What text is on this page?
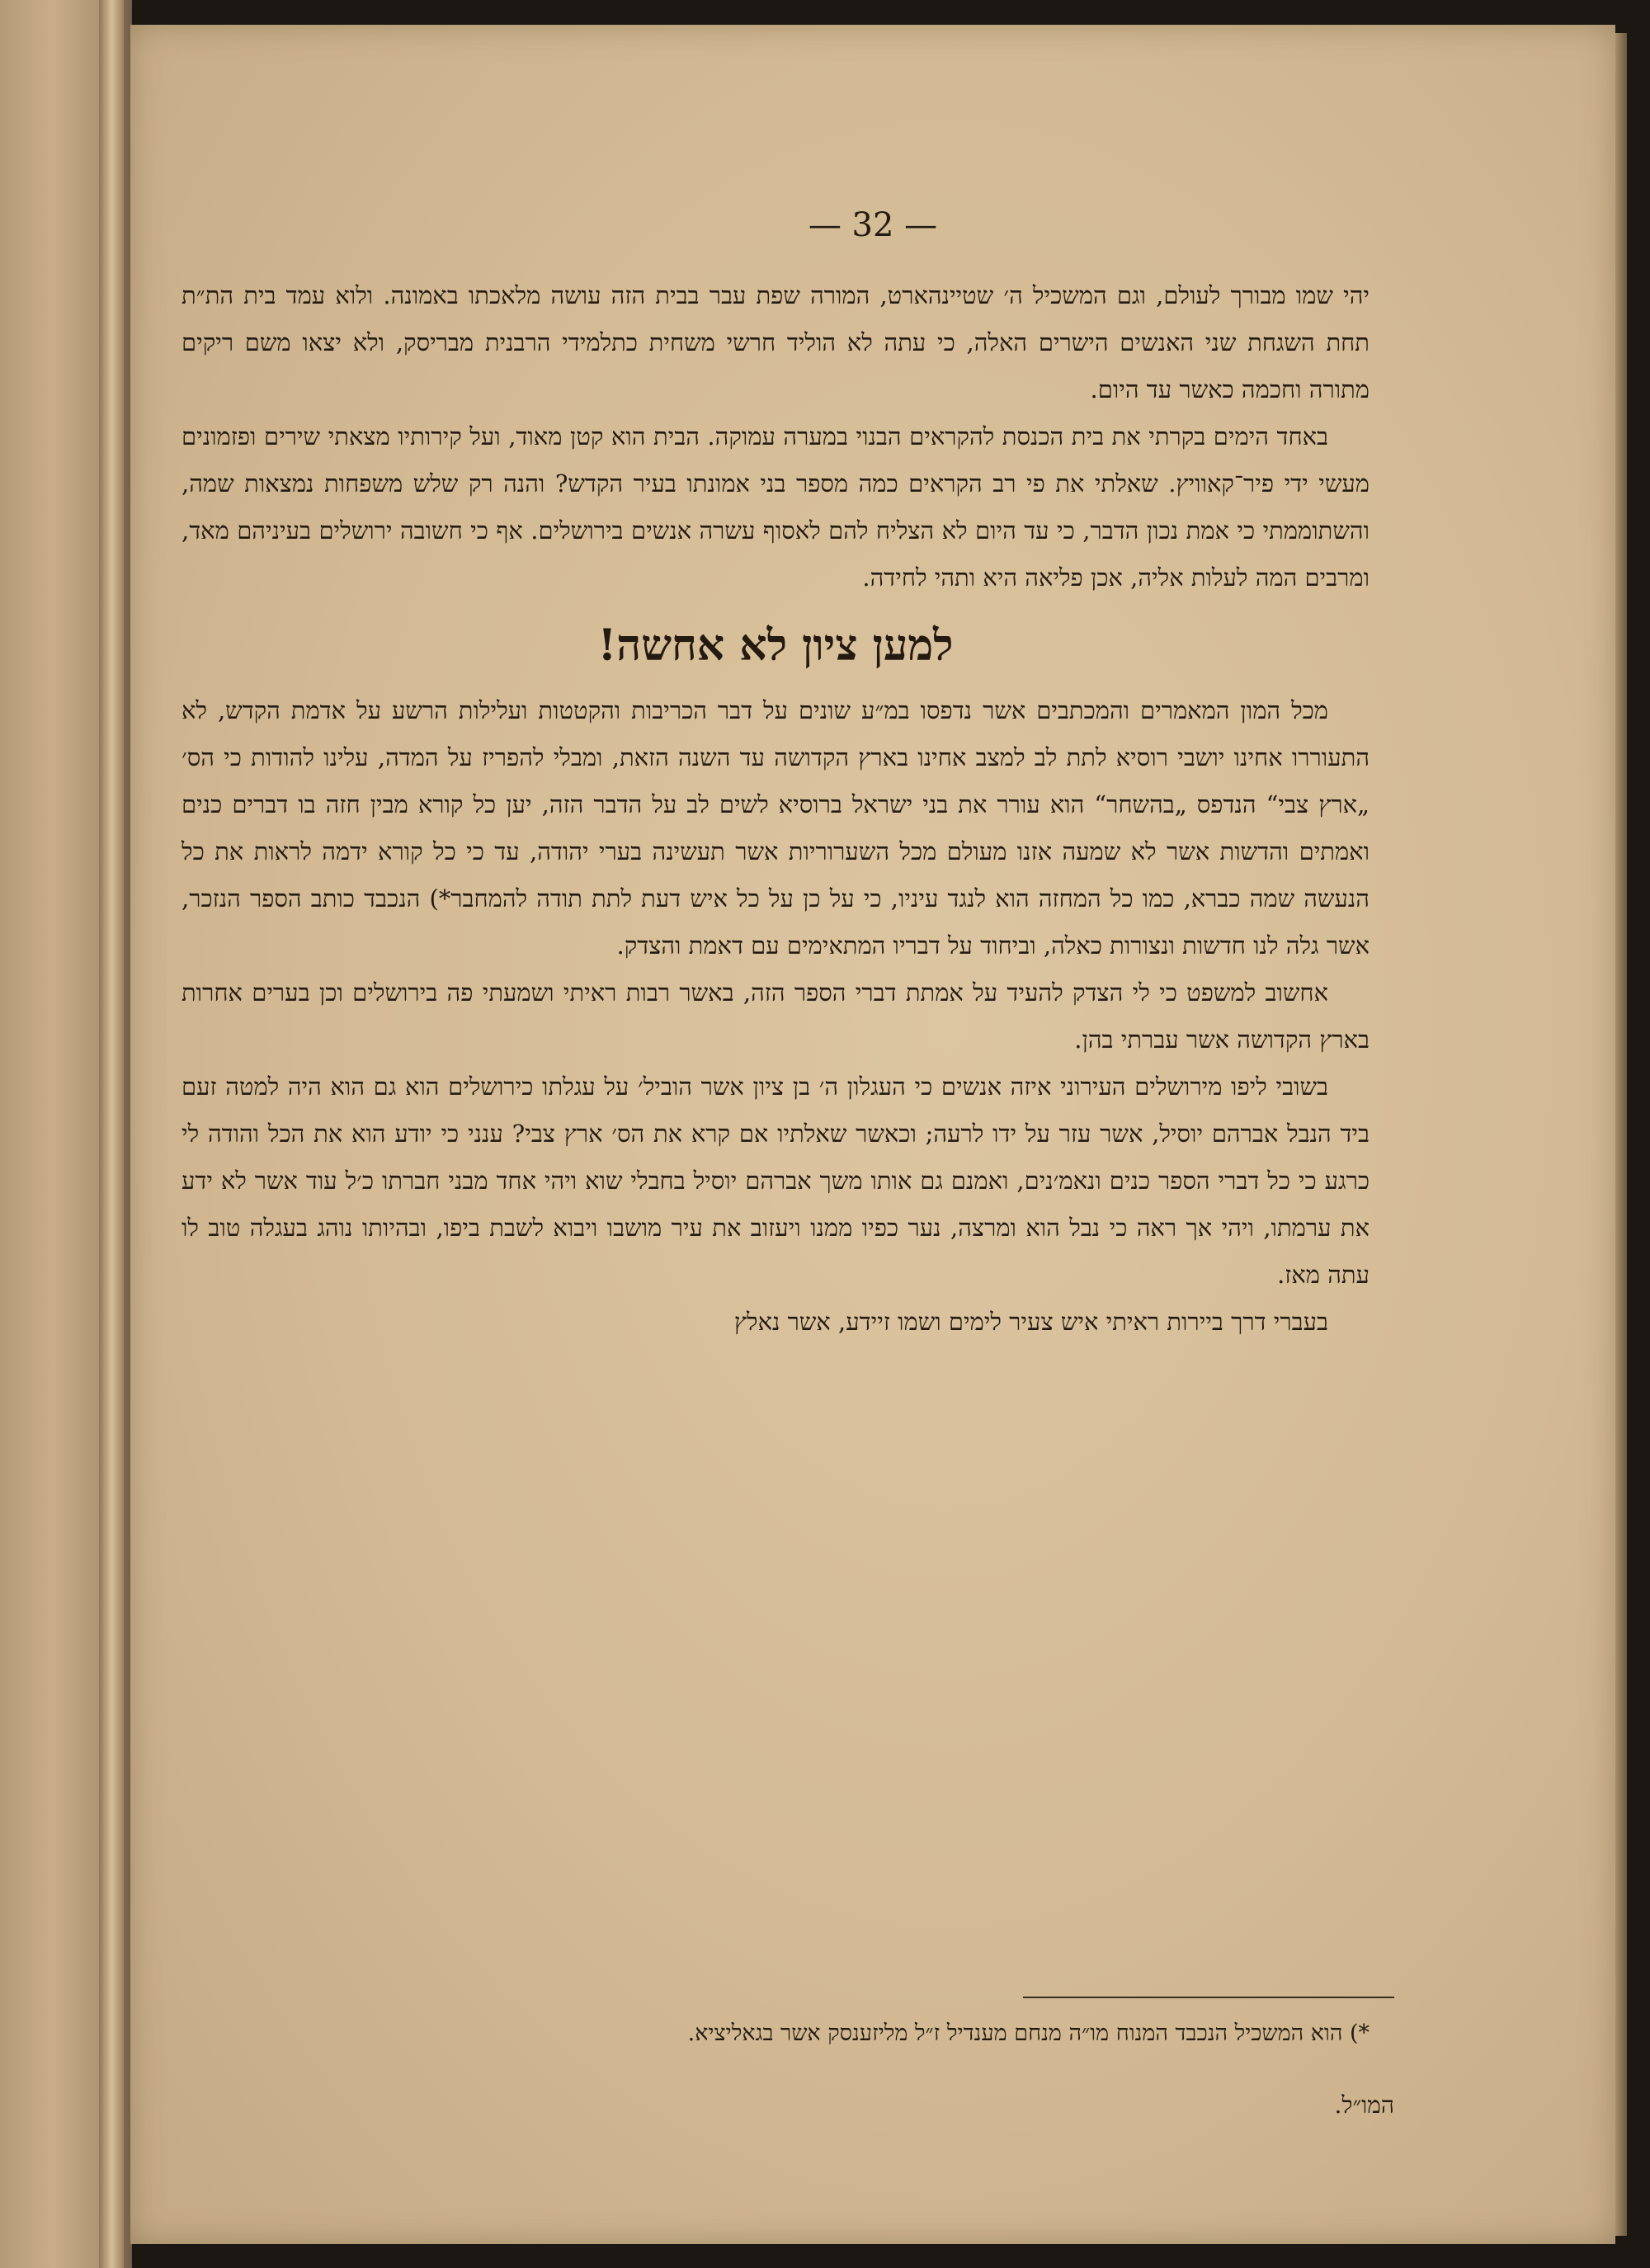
— 32 —

יהי שמו מבורך לעולם, וגם המשכיל ה׳ שטיינהארט, המורה שפת עבר בבית הזה עושה מלאכתו באמונה. ולוא עמד בית הת״ת תחת השגחת שני האנשים הישרים האלה, כי עתה לא הוליד חרשי משחית כתלמידי הרבנית מבריסק, ולא יצאו משם ריקים מתורה וחכמה כאשר עד היום.

באחד הימים בקרתי את בית הכנסת להקראים הבנוי במערה עמוקה. הבית הוא קטן מאוד, ועל קירותיו מצאתי שירים ופזמונים מעשי ידי פיר־קאוויץ. שאלתי את פי רב הקראים כמה מספר בני אמונתו בעיר הקדש? והנה רק שלש משפחות נמצאות שמה, והשתוממתי כי אמת נכון הדבר, כי עד היום לא הצליח להם לאסוף עשרה אנשים בירושלים. אף כי חשובה ירושלים בעיניהם מאד, ומרבים המה לעלות אליה, אכן פליאה היא ותהי לחידה.

למען ציון לא אחשה!

מכל המון המאמרים והמכתבים אשר נדפסו במ״ע שונים על דבר הכריבות והקטטות ועלילות הרשע על אדמת הקדש, לא התעוררו אחינו יושבי רוסיא לתת לב למצב אחינו בארץ הקדושה עד השנה הזאת, ומבלי להפריז על המדה, עלינו להודות כי הס׳ „ארץ צבי“ הנדפס „בהשחר“ הוא עורר את בני ישראל ברוסיא לשים לב על הדבר הזה, יען כל קורא מבין חזה בו דברים כנים ואמתים והדשות אשר לא שמעה אזנו מעולם מכל השערוריות אשר תעשינה בערי יהודה, עד כי כל קורא ידמה לראות את כל הנעשה שמה כברא, כמו כל המחזה הוא לנגד עיניו, כי על כן על כל איש דעת לתת תודה להמחבר*) הנכבד כותב הספר הנזכר, אשר גלה לנו חדשות ונצורות כאלה, וביחוד על דבריו המתאימים עם דאמת והצדק.

אחשוב למשפט כי לי הצדק להעיד על אמתת דברי הספר הזה, באשר רבות ראיתי ושמעתי פה בירושלים וכן בערים אחרות בארץ הקדושה אשר עברתי בהן.

בשובי ליפו מירושלים העירוני איזה אנשים כי העגלון ה׳ בן ציון אשר הוביל׳ על עגלתו כירושלים הוא גם הוא היה למטה זעם ביד הנבל אברהם יוסיל, אשר עזר על ידו לרעה; וכאשר שאלתיו אם קרא את הס׳ ארץ צבי? ענני כי יודע הוא את הכל והודה לי כרגע כי כל דברי הספר כנים ונאמ׳נים, ואמנם גם אותו משך אברהם יוסיל בחבלי שוא ויהי אחד מבני חברתו כ׳ל עוד אשר לא ידע את ערמתו, ויהי אך ראה כי נבל הוא ומרצה, נער כפיו ממנו ויעזוב את עיר מושבו ויבוא לשבת ביפו, ובהיותו נוהג בעגלה טוב לו עתה מאז.

בעברי דרך ביירות ראיתי איש צעיר לימים ושמו זיידע, אשר נאלץ

*) הוא המשכיל הנכבד המנוח מו״ה מנחם מענדיל ז״ל מליזענסק אשר בגאליציא.
המו״ל.
